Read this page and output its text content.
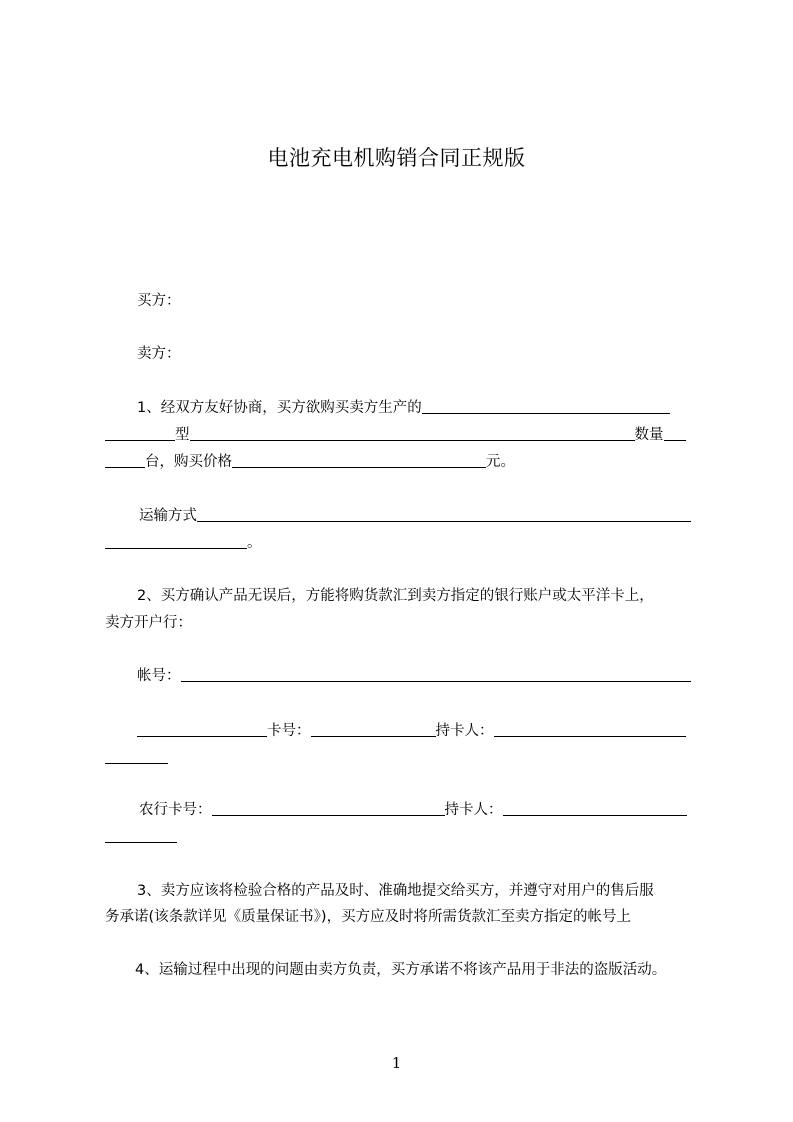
电池充电机购销合同正规版
买方：
卖方：
1、经双方友好协商，买方欲购买卖方生产的
型	数量
台，购买价格	元。
运输方式
。
2、买方确认产品无误后，方能将购货款汇到卖方指定的银行账户或太平洋卡上，
卖方开户行：
帐号：
卡号：	持卡人：
农行卡号：	持卡人：
3、卖方应该将检验合格的产品及时、准确地提交给买方，并遵守对用户的售后服
务承诺(该条款详见《质量保证书》)，买方应及时将所需货款汇至卖方指定的帐号上
4、运输过程中出现的问题由卖方负责，买方承诺不将该产品用于非法的盗版活动。
1
